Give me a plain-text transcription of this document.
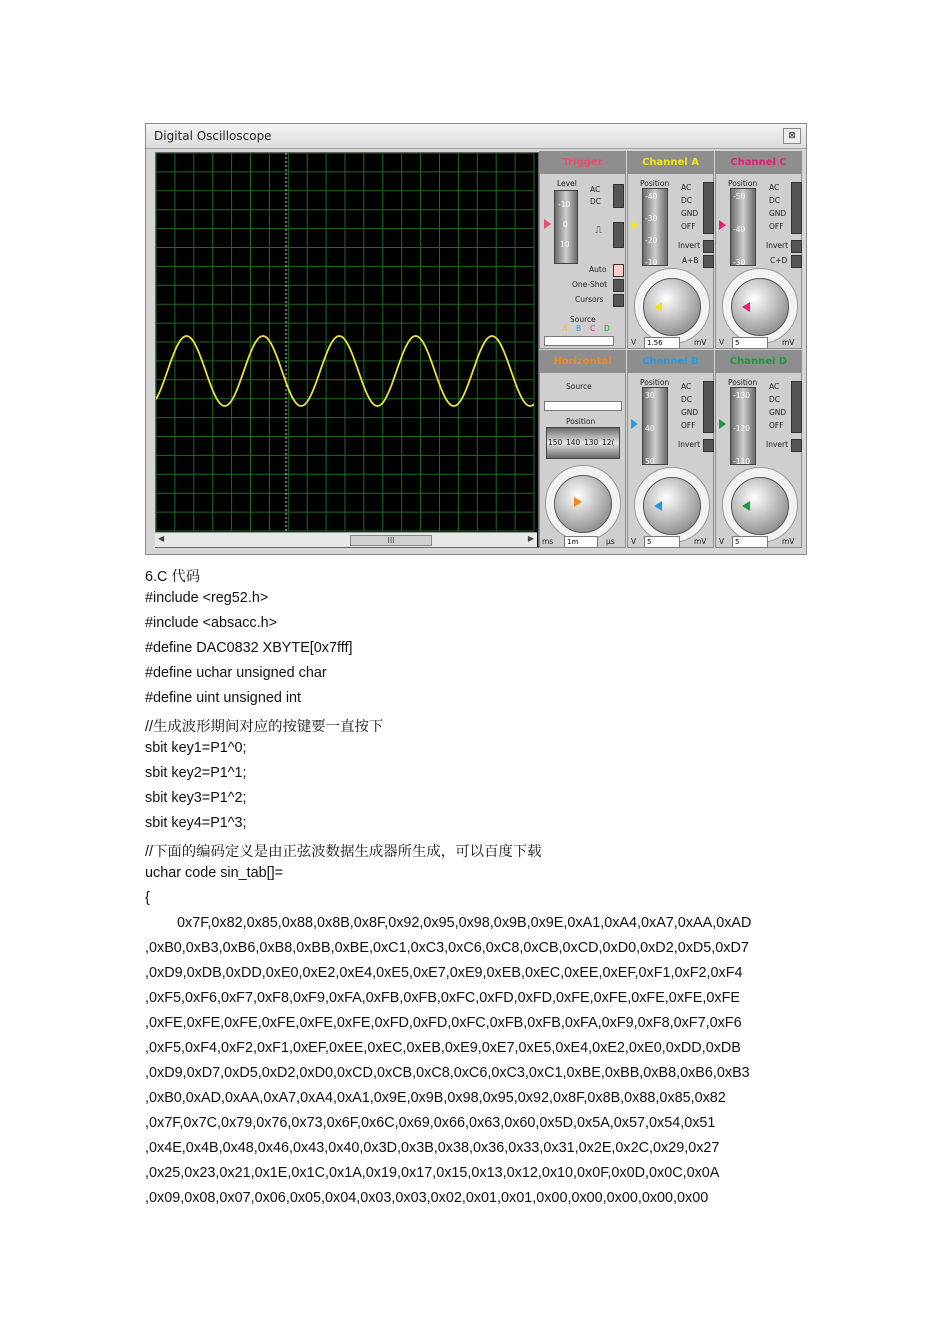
Digital Oscilloscope	⊠
◀	III	▶
Trigger
Level
-10
0
10
AC
DC
⎍
Auto
One-Shot
Cursors
Source
A B C D
Horizontal
Source
Position
150 140 130 12(
ms	1m	µs
Channel A
Position
-40
-30
-20
-10
AC
DC
GND
OFF
Invert
A+B
V	1.56	mV
Channel C
Position
-50
-40
-30
AC
DC
GND
OFF
Invert
C+D
V	5	mV
Channel B
Position
30
40
50
AC
DC
GND
OFF
Invert
V	5	mV
Channel D
Position
-130
-120
-110
AC
DC
GND
OFF
Invert
V	5	mV
6.C 代码
#include <reg52.h>
#include <absacc.h>
#define DAC0832 XBYTE[0x7fff]
#define uchar unsigned char
#define uint unsigned int
//生成波形期间对应的按键要一直按下
sbit key1=P1^0;
sbit key2=P1^1;
sbit key3=P1^2;
sbit key4=P1^3;
//下面的编码定义是由正弦波数据生成器所生成，可以百度下载
uchar code sin_tab[]=
{
0x7F,0x82,0x85,0x88,0x8B,0x8F,0x92,0x95,0x98,0x9B,0x9E,0xA1,0xA4,0xA7,0xAA,0xAD
,0xB0,0xB3,0xB6,0xB8,0xBB,0xBE,0xC1,0xC3,0xC6,0xC8,0xCB,0xCD,0xD0,0xD2,0xD5,0xD7
,0xD9,0xDB,0xDD,0xE0,0xE2,0xE4,0xE5,0xE7,0xE9,0xEB,0xEC,0xEE,0xEF,0xF1,0xF2,0xF4
,0xF5,0xF6,0xF7,0xF8,0xF9,0xFA,0xFB,0xFB,0xFC,0xFD,0xFD,0xFE,0xFE,0xFE,0xFE,0xFE
,0xFE,0xFE,0xFE,0xFE,0xFE,0xFE,0xFD,0xFD,0xFC,0xFB,0xFB,0xFA,0xF9,0xF8,0xF7,0xF6
,0xF5,0xF4,0xF2,0xF1,0xEF,0xEE,0xEC,0xEB,0xE9,0xE7,0xE5,0xE4,0xE2,0xE0,0xDD,0xDB
,0xD9,0xD7,0xD5,0xD2,0xD0,0xCD,0xCB,0xC8,0xC6,0xC3,0xC1,0xBE,0xBB,0xB8,0xB6,0xB3
,0xB0,0xAD,0xAA,0xA7,0xA4,0xA1,0x9E,0x9B,0x98,0x95,0x92,0x8F,0x8B,0x88,0x85,0x82
,0x7F,0x7C,0x79,0x76,0x73,0x6F,0x6C,0x69,0x66,0x63,0x60,0x5D,0x5A,0x57,0x54,0x51
,0x4E,0x4B,0x48,0x46,0x43,0x40,0x3D,0x3B,0x38,0x36,0x33,0x31,0x2E,0x2C,0x29,0x27
,0x25,0x23,0x21,0x1E,0x1C,0x1A,0x19,0x17,0x15,0x13,0x12,0x10,0x0F,0x0D,0x0C,0x0A
,0x09,0x08,0x07,0x06,0x05,0x04,0x03,0x03,0x02,0x01,0x01,0x00,0x00,0x00,0x00,0x00
